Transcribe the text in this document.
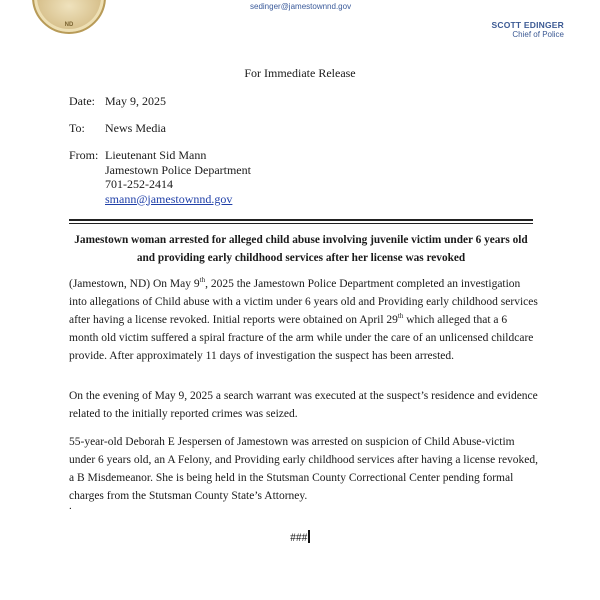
ND
sedinger@jamestownnd.gov
SCOTT EDINGER
Chief of Police
For Immediate Release
Date: May 9, 2025
To: News Media
From: Lieutenant Sid Mann
Jamestown Police Department
701-252-2414
smann@jamestownnd.gov
Jamestown woman arrested for alleged child abuse involving juvenile victim under 6 years old and providing early childhood services after her license was revoked
(Jamestown, ND) On May 9th, 2025 the Jamestown Police Department completed an investigation into allegations of Child abuse with a victim under 6 years old and Providing early childhood services after having a license revoked. Initial reports were obtained on April 29th which alleged that a 6 month old victim suffered a spiral fracture of the arm while under the care of an unlicensed childcare provide. After approximately 11 days of investigation the suspect has been arrested.
On the evening of May 9, 2025 a search warrant was executed at the suspect’s residence and evidence related to the initially reported crimes was seized.
55-year-old Deborah E Jespersen of Jamestown was arrested on suspicion of Child Abuse-victim under 6 years old, an A Felony, and Providing early childhood services after having a license revoked, a B Misdemeanor. She is being held in the Stutsman County Correctional Center pending formal charges from the Stutsman County State’s Attorney.
.
###
